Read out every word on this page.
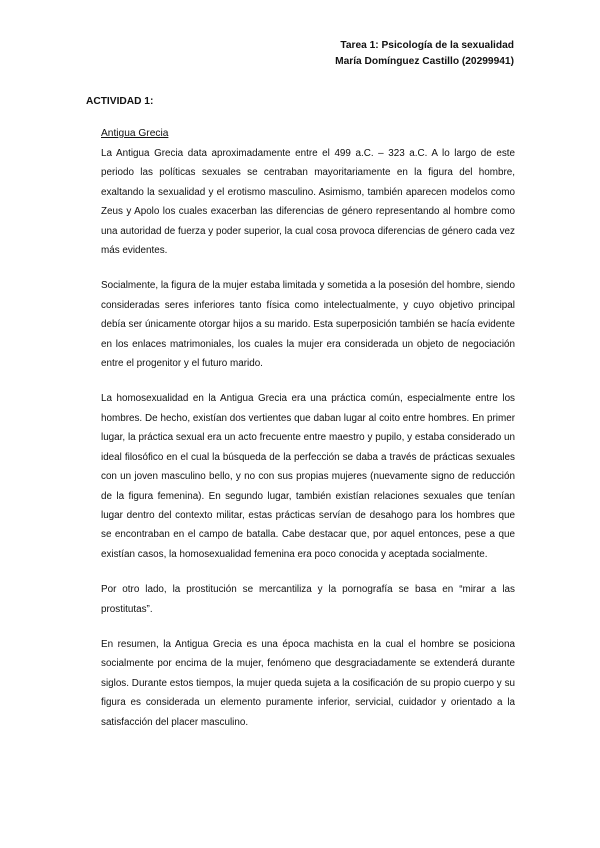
Tarea 1: Psicología de la sexualidad
María Domínguez Castillo (20299941)
ACTIVIDAD 1:
Antigua Grecia

La Antigua Grecia data aproximadamente entre el 499 a.C. – 323 a.C. A lo largo de este periodo las políticas sexuales se centraban mayoritariamente en la figura del hombre, exaltando la sexualidad y el erotismo masculino. Asimismo, también aparecen modelos como Zeus y Apolo los cuales exacerban las diferencias de género representando al hombre como una autoridad de fuerza y poder superior, la cual cosa provoca diferencias de género cada vez más evidentes.

Socialmente, la figura de la mujer estaba limitada y sometida a la posesión del hombre, siendo consideradas seres inferiores tanto física como intelectualmente, y cuyo objetivo principal debía ser únicamente otorgar hijos a su marido. Esta superposición también se hacía evidente en los enlaces matrimoniales, los cuales la mujer era considerada un objeto de negociación entre el progenitor y el futuro marido.

La homosexualidad en la Antigua Grecia era una práctica común, especialmente entre los hombres. De hecho, existían dos vertientes que daban lugar al coito entre hombres. En primer lugar, la práctica sexual era un acto frecuente entre maestro y pupilo, y estaba considerado un ideal filosófico en el cual la búsqueda de la perfección se daba a través de prácticas sexuales con un joven masculino bello, y no con sus propias mujeres (nuevamente signo de reducción de la figura femenina). En segundo lugar, también existían relaciones sexuales que tenían lugar dentro del contexto militar, estas prácticas servían de desahogo para los hombres que se encontraban en el campo de batalla. Cabe destacar que, por aquel entonces, pese a que existían casos, la homosexualidad femenina era poco conocida y aceptada socialmente.

Por otro lado, la prostitución se mercantiliza y la pornografía se basa en “mirar a las prostitutas”.

En resumen, la Antigua Grecia es una época machista en la cual el hombre se posiciona socialmente por encima de la mujer, fenómeno que desgraciadamente se extenderá durante siglos. Durante estos tiempos, la mujer queda sujeta a la cosificación de su propio cuerpo y su figura es considerada un elemento puramente inferior, servicial, cuidador y orientado a la satisfacción del placer masculino.
